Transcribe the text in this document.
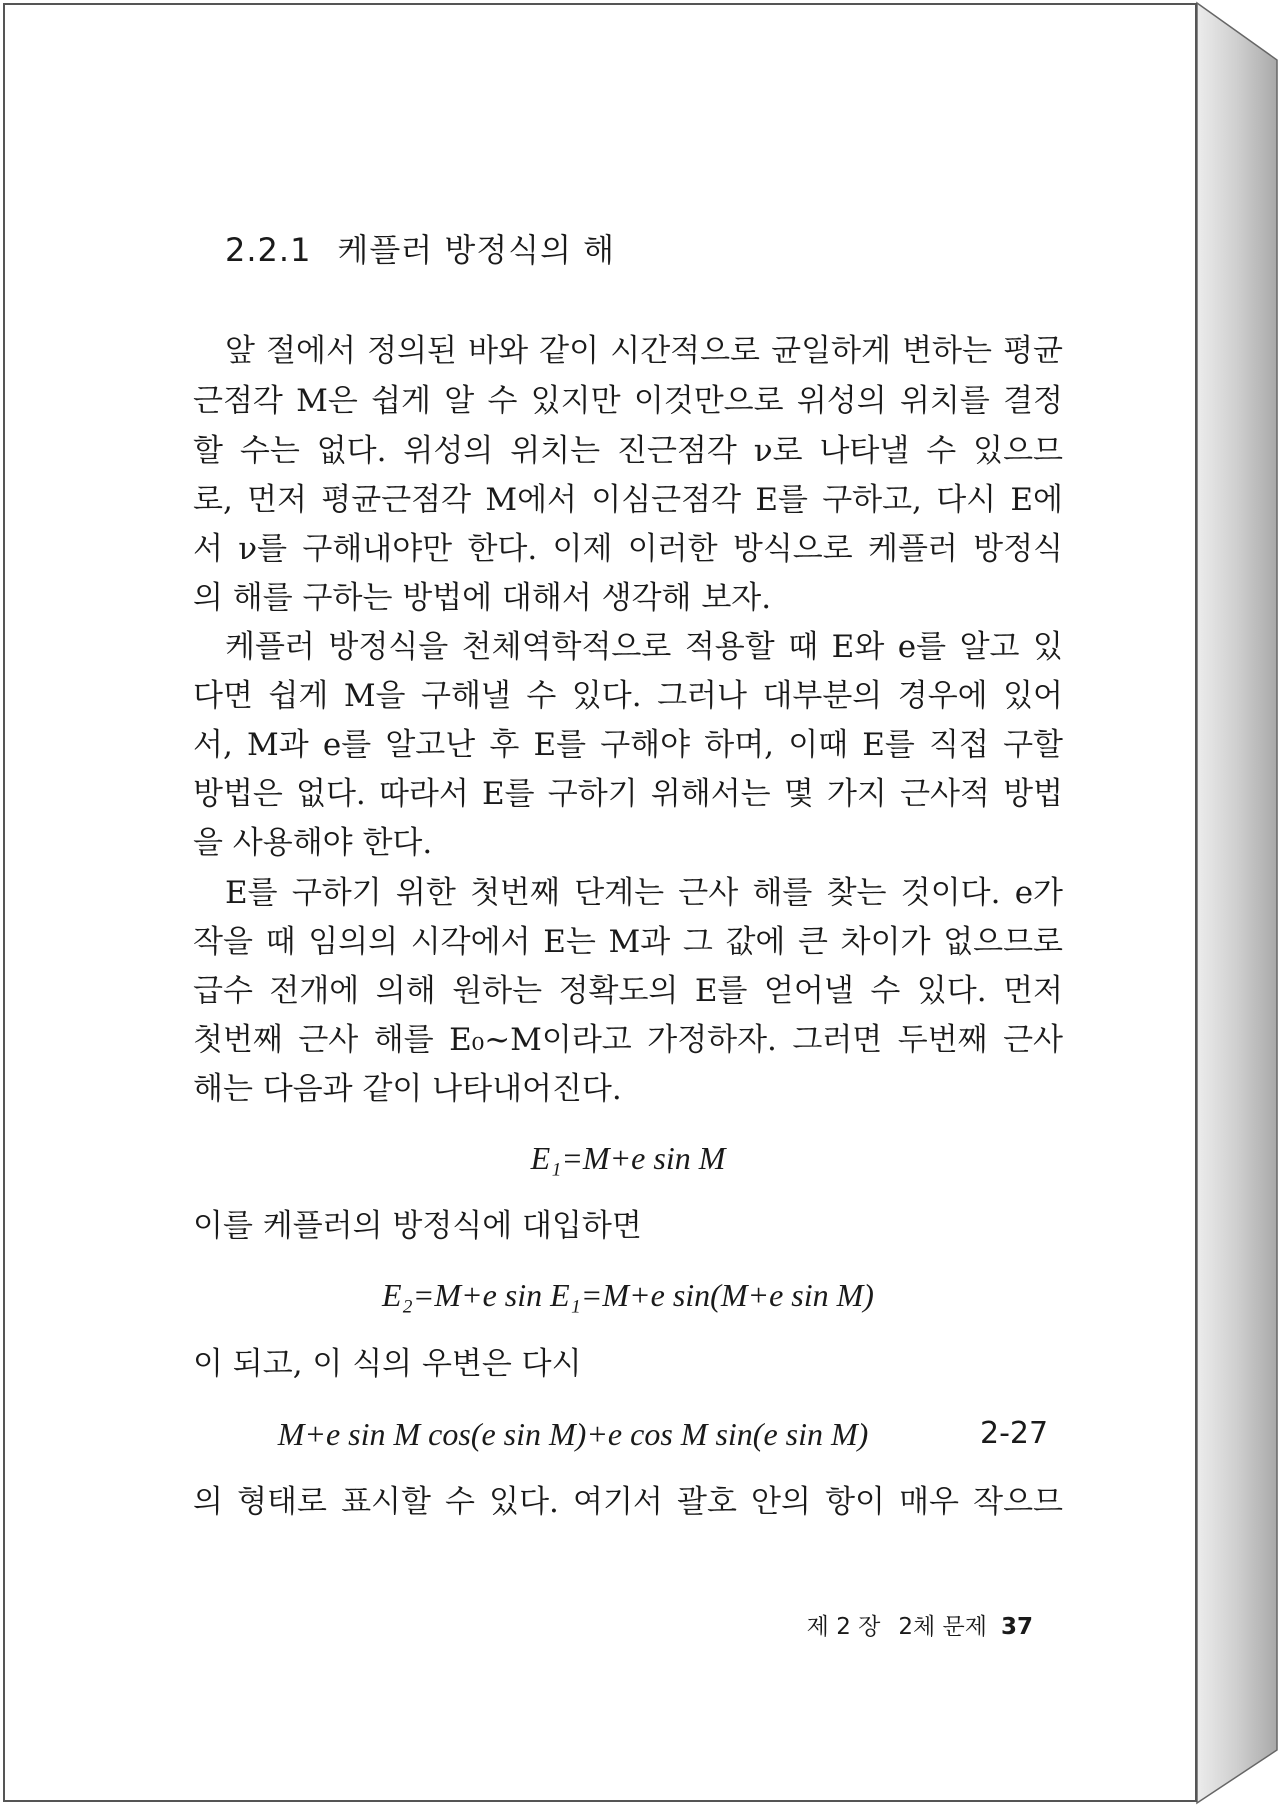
2.2.1 케플러 방정식의 해
앞 절에서 정의된 바와 같이 시간적으로 균일하게 변하는 평균
근점각 M은 쉽게 알 수 있지만 이것만으로 위성의 위치를 결정
할 수는 없다. 위성의 위치는 진근점각 ν로 나타낼 수 있으므
로, 먼저 평균근점각 M에서 이심근점각 E를 구하고, 다시 E에
서 ν를 구해내야만 한다. 이제 이러한 방식으로 케플러 방정식
의 해를 구하는 방법에 대해서 생각해 보자.
케플러 방정식을 천체역학적으로 적용할 때 E와 e를 알고 있
다면 쉽게 M을 구해낼 수 있다. 그러나 대부분의 경우에 있어
서, M과 e를 알고난 후 E를 구해야 하며, 이때 E를 직접 구할
방법은 없다. 따라서 E를 구하기 위해서는 몇 가지 근사적 방법
을 사용해야 한다.
E를 구하기 위한 첫번째 단계는 근사 해를 찾는 것이다. e가
작을 때 임의의 시각에서 E는 M과 그 값에 큰 차이가 없으므로
급수 전개에 의해 원하는 정확도의 E를 얻어낼 수 있다. 먼저
첫번째 근사 해를 E₀~M이라고 가정하자. 그러면 두번째 근사
해는 다음과 같이 나타내어진다.
E₁=M+e sin M
이를 케플러의 방정식에 대입하면
E₂=M+e sin E₁=M+e sin(M+e sin M)
이 되고, 이 식의 우변은 다시
M+e sin M cos(e sin M)+e cos M sin(e sin M)	2-27
의 형태로 표시할 수 있다. 여기서 괄호 안의 항이 매우 작으므
제 2 장 2체 문제 37
